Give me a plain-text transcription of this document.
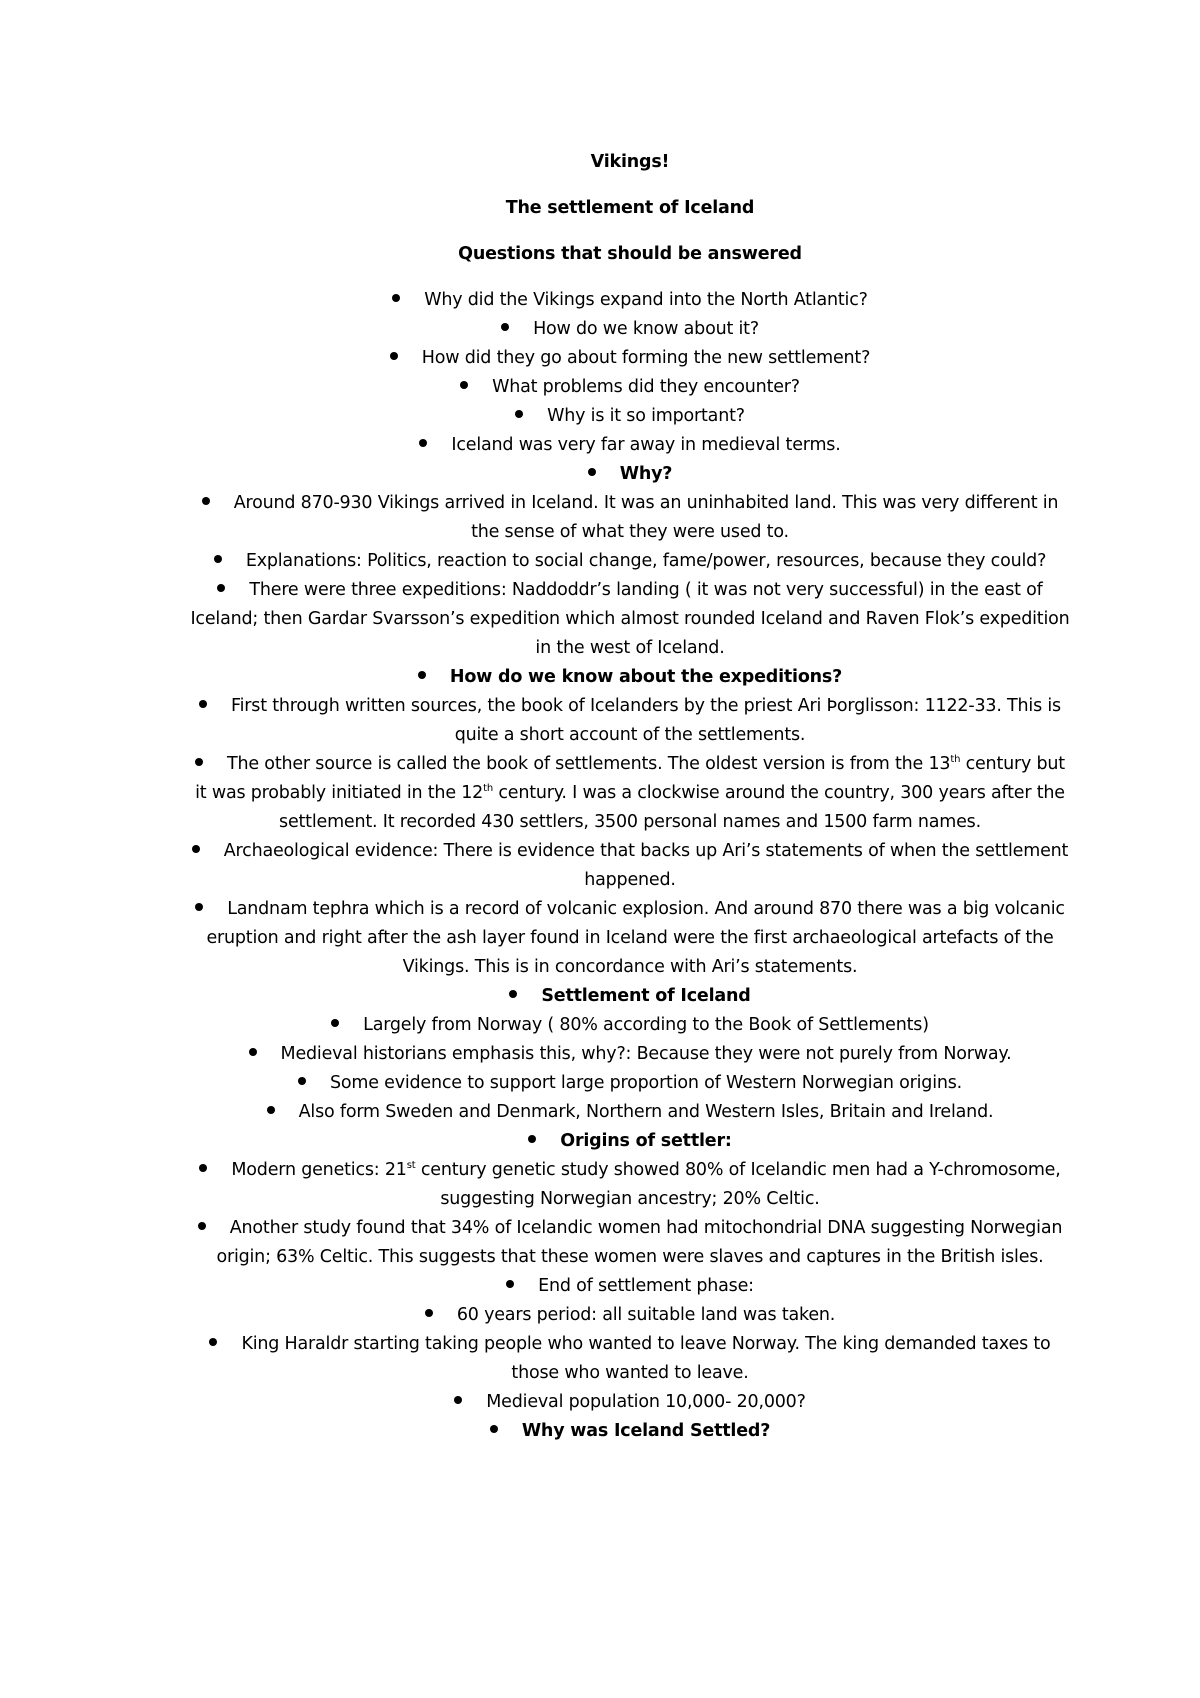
Vikings!
The settlement of Iceland
Questions that should be answered
Why did the Vikings expand into the North Atlantic?
How do we know about it?
How did they go about forming the new settlement?
What problems did they encounter?
Why is it so important?
Iceland was very far away in medieval terms.
Why?
Around 870-930 Vikings arrived in Iceland. It was an uninhabited land. This was very different in the sense of what they were used to.
Explanations: Politics, reaction to social change, fame/power, resources, because they could?
There were three expeditions: Naddoddr’s landing ( it was not very successful) in the east of Iceland; then Gardar Svarsson’s expedition which almost rounded Iceland and Raven Flok’s expedition in the west of Iceland.
How do we know about the expeditions?
First through written sources, the book of Icelanders by the priest Ari Þorglisson: 1122-33. This is quite a short account of the settlements.
The other source is called the book of settlements. The oldest version is from the 13th century but it was probably initiated in the 12th century. I was a clockwise around the country, 300 years after the settlement. It recorded 430 settlers, 3500 personal names and 1500 farm names.
Archaeological evidence: There is evidence that backs up Ari’s statements of when the settlement happened.
Landnam tephra which is a record of volcanic explosion. And around 870 there was a big volcanic eruption and right after the ash layer found in Iceland were the first archaeological artefacts of the Vikings. This is in concordance with Ari’s statements.
Settlement of Iceland
Largely from Norway ( 80% according to the Book of Settlements)
Medieval historians emphasis this, why?: Because they were not purely from Norway.
Some evidence to support large proportion of Western Norwegian origins.
Also form Sweden and Denmark, Northern and Western Isles, Britain and Ireland.
Origins of settler:
Modern genetics: 21st century genetic study showed 80% of Icelandic men had a Y-chromosome, suggesting Norwegian ancestry; 20% Celtic.
Another study found that 34% of Icelandic women had mitochondrial DNA suggesting Norwegian origin; 63% Celtic. This suggests that these women were slaves and captures in the British isles.
End of settlement phase:
60 years period: all suitable land was taken.
King Haraldr starting taking people who wanted to leave Norway. The king demanded taxes to those who wanted to leave.
Medieval population 10,000- 20,000?
Why was Iceland Settled?
